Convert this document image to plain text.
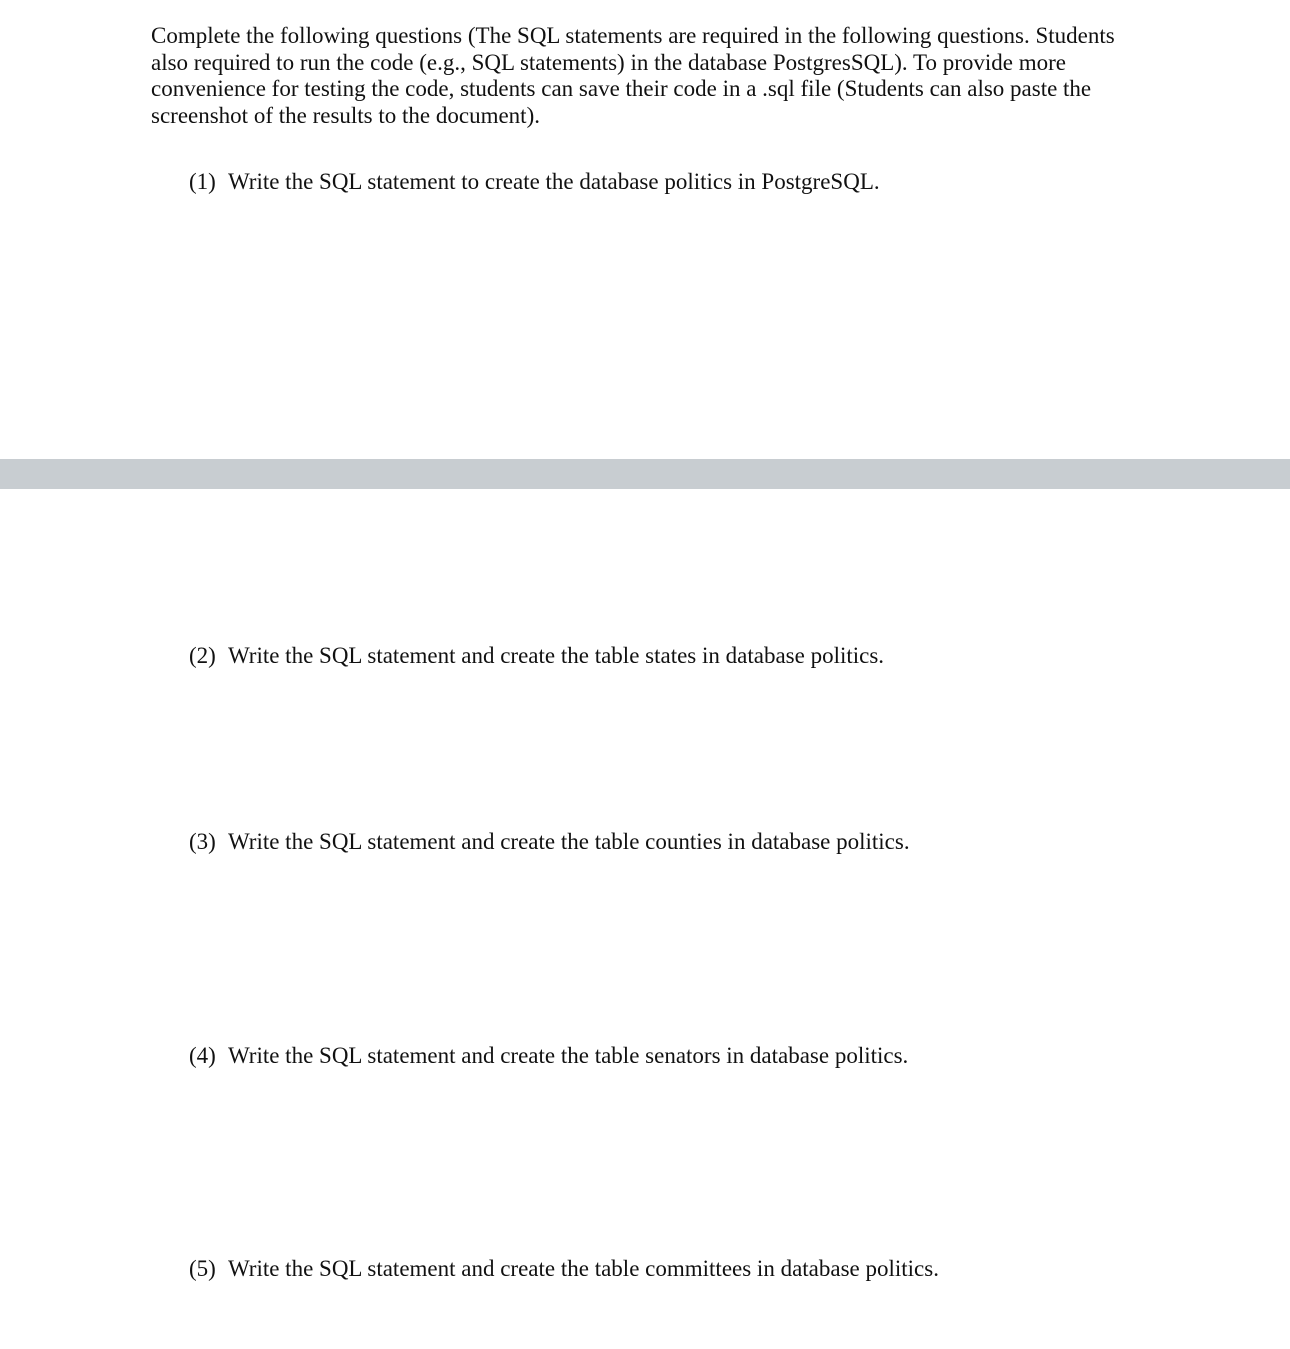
Complete the following questions (The SQL statements are required in the following questions. Students
also required to run the code (e.g., SQL statements) in the database PostgresSQL). To provide more
convenience for testing the code, students can save their code in a .sql file (Students can also paste the
screenshot of the results to the document).

(1) Write the SQL statement to create the database politics in PostgreSQL.

(2) Write the SQL statement and create the table states in database politics.

(3) Write the SQL statement and create the table counties in database politics.

(4) Write the SQL statement and create the table senators in database politics.

(5) Write the SQL statement and create the table committees in database politics.
